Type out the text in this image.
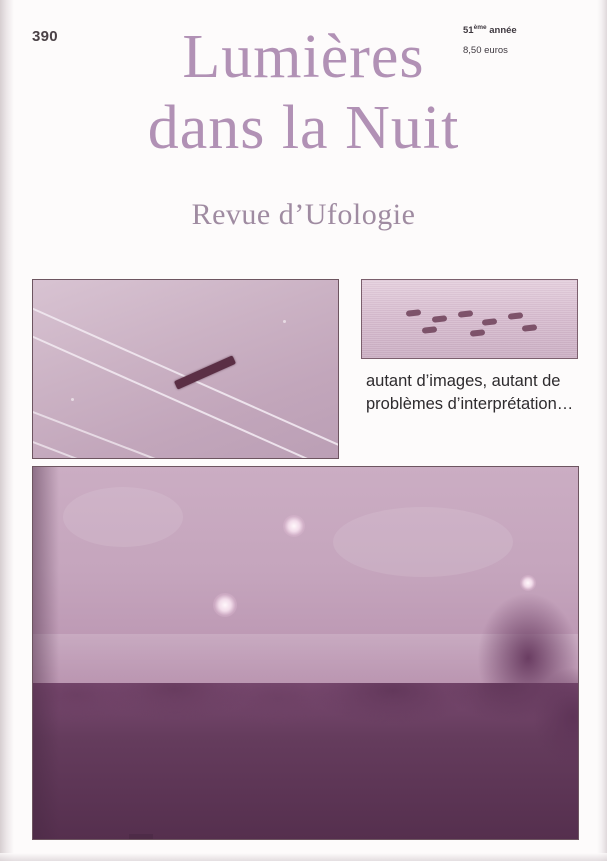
390	51ème année
8,50 euros
Lumières
dans la Nuit
Revue d’Ufologie
autant d’images, autant de problèmes d’interprétation…
